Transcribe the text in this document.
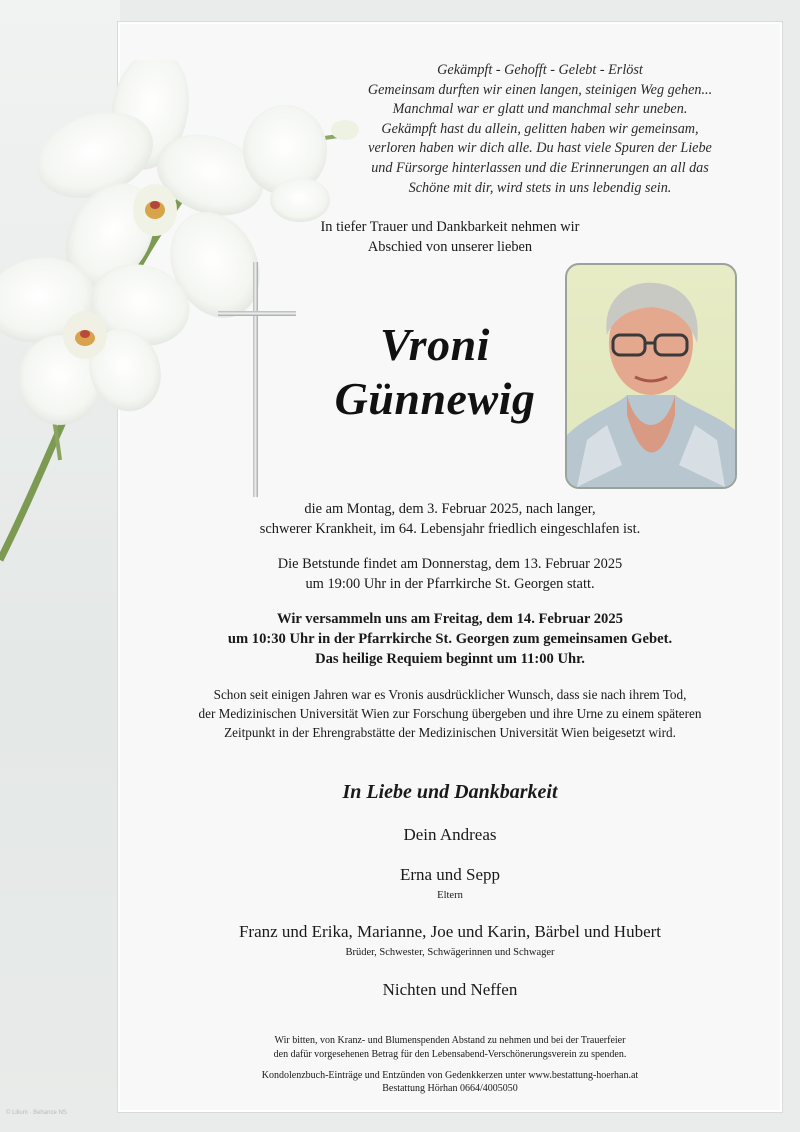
Gekämpft - Gehofft - Gelebt - Erlöst
Gemeinsam durften wir einen langen, steinigen Weg gehen...
Manchmal war er glatt und manchmal sehr uneben.
Gekämpft hast du allein, gelitten haben wir gemeinsam,
verloren haben wir dich alle. Du hast viele Spuren der Liebe
und Fürsorge hinterlassen und die Erinnerungen an all das
Schöne mit dir, wird stets in uns lebendig sein.
In tiefer Trauer und Dankbarkeit nehmen wir
Abschied von unserer lieben
Vroni
Günnewig
die am Montag, dem 3. Februar 2025, nach langer,
schwerer Krankheit, im 64. Lebensjahr friedlich eingeschlafen ist.
Die Betstunde findet am Donnerstag, dem 13. Februar 2025
um 19:00 Uhr in der Pfarrkirche St. Georgen statt.
Wir versammeln uns am Freitag, dem 14. Februar 2025
um 10:30 Uhr in der Pfarrkirche St. Georgen zum gemeinsamen Gebet.
Das heilige Requiem beginnt um 11:00 Uhr.
Schon seit einigen Jahren war es Vronis ausdrücklicher Wunsch, dass sie nach ihrem Tod,
der Medizinischen Universität Wien zur Forschung übergeben und ihre Urne zu einem späteren
Zeitpunkt in der Ehrengrabstätte der Medizinischen Universität Wien beigesetzt wird.
In Liebe und Dankbarkeit
Dein Andreas
Erna und Sepp
Eltern
Franz und Erika, Marianne, Joe und Karin, Bärbel und Hubert
Brüder, Schwester, Schwägerinnen und Schwager
Nichten und Neffen
Wir bitten, von Kranz- und Blumenspenden Abstand zu nehmen und bei der Trauerfeier
den dafür vorgesehenen Betrag für den Lebensabend-Verschönerungsverein zu spenden.
Kondolenzbuch-Einträge und Entzünden von Gedenkkerzen unter www.bestattung-hoerhan.at
Bestattung Hörhan 0664/4005050
© Lilium · Behance NS
